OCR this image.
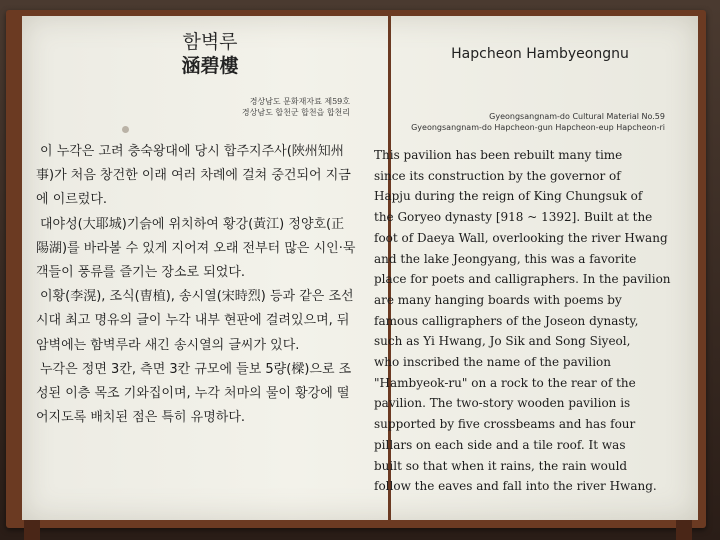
함벽루
涵碧樓
경상남도 문화재자료 제59호
경상남도 합천군 합천읍 합천리

이 누각은 고려 충숙왕대에 당시 합주지주사(陜州知州事)가 처음 창건한 이래 여러 차례에 걸쳐 중건되어 지금에 이르렀다.

대야성(大耶城)기슭에 위치하여 황강(黃江) 정양호(正陽湖)를 바라볼 수 있게 지어져 오래 전부터 많은 시인·묵객들이 풍류를 즐기는 장소로 되었다.

이황(李滉), 조식(曺植), 송시열(宋時烈) 등과 같은 조선시대 최고 명유의 글이 누각 내부 현판에 걸려있으며, 뒤 암벽에는 함벽루라 새긴 송시열의 글씨가 있다.

누각은 정면 3칸, 측면 3칸 규모에 들보 5량(樑)으로 조성된 이층 목조 기와집이며, 누각 처마의 물이 황강에 떨어지도록 배치된 점은 특히 유명하다.

Hapcheon Hambyeongnu
Gyeongsangnam-do Cultural Material No.59
Gyeongsangnam-do Hapcheon-gun Hapcheon-eup Hapcheon-ri
This pavilion has been rebuilt many time
since its construction by the governor of
Hapju during the reign of King Chungsuk of
the Goryeo dynasty [918 ~ 1392]. Built at the
foot of Daeya Wall, overlooking the river Hwang
and the lake Jeongyang, this was a favorite
place for poets and calligraphers. In the pavilion
are many hanging boards with poems by
famous calligraphers of the Joseon dynasty,
such as Yi Hwang, Jo Sik and Song Siyeol,
who inscribed the name of the pavilion
"Hambyeok-ru" on a rock to the rear of the
pavilion. The two-story wooden pavilion is
supported by five crossbeams and has four
pillars on each side and a tile roof. It was
built so that when it rains, the rain would
follow the eaves and fall into the river Hwang.
